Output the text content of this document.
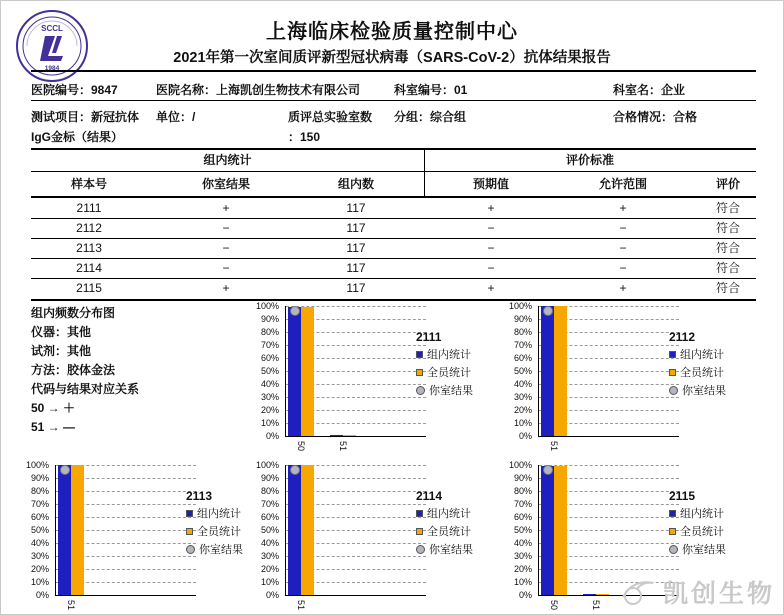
SCCL
1984
上海临床检验质量控制中心
2021年第一次室间质评新型冠状病毒（SARS-CoV-2）抗体结果报告
医院编号：9847	医院名称：上海凯创生物技术有限公司	科室编号：01	科室名：企业
测试项目：新冠抗体
IgG金标（结果）
单位：/	质评总实验室数
：150
分组：综合组	合格情况：合格
组内统计	评价标准
样本号	你室结果	组内数	预期值	允许范围	评价
2111	+	117	+	+	符合
2112	−	117	−	−	符合
2113	−	117	−	−	符合
2114	−	117	−	−	符合
2115	+	117	+	+	符合
组内频数分布图
仪器：其他
试剂：其他
方法：胶体金法
代码与结果对应关系
50 → ＋
51 → —
0%
10%
20%
30%
40%
50%
60%
70%
80%
90%
100%
50	51
2111
组内统计
全员统计
你室结果
0%
10%
20%
30%
40%
50%
60%
70%
80%
90%
100%
51
2112
组内统计
全员统计
你室结果
0%
10%
20%
30%
40%
50%
60%
70%
80%
90%
100%
51
2113
组内统计
全员统计
你室结果
0%
10%
20%
30%
40%
50%
60%
70%
80%
90%
100%
51
2114
组内统计
全员统计
你室结果
0%
10%
20%
30%
40%
50%
60%
70%
80%
90%
100%
50	51
2115
组内统计
全员统计
你室结果
凯创生物
